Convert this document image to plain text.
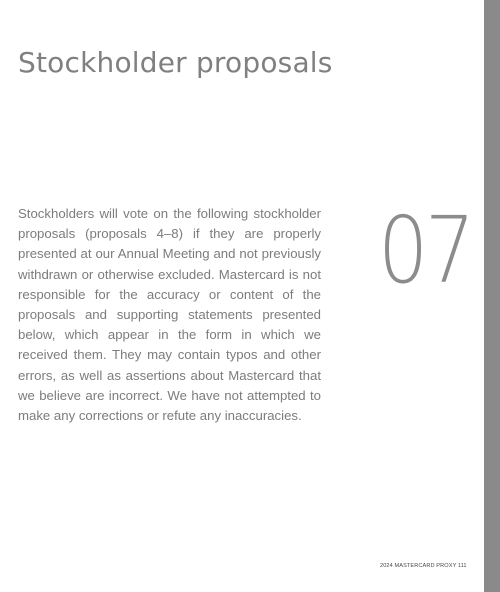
Stockholder proposals

Stockholders will vote on the following stockholder proposals (proposals 4–8) if they are properly presented at our Annual Meeting and not previously withdrawn or otherwise excluded. Mastercard is not responsible for the accuracy or content of the proposals and supporting statements presented below, which appear in the form in which we received them. They may contain typos and other errors, as well as assertions about Mastercard that we believe are incorrect. We have not attempted to make any corrections or refute any inaccuracies.

07
2024 MASTERCARD PROXY 111
